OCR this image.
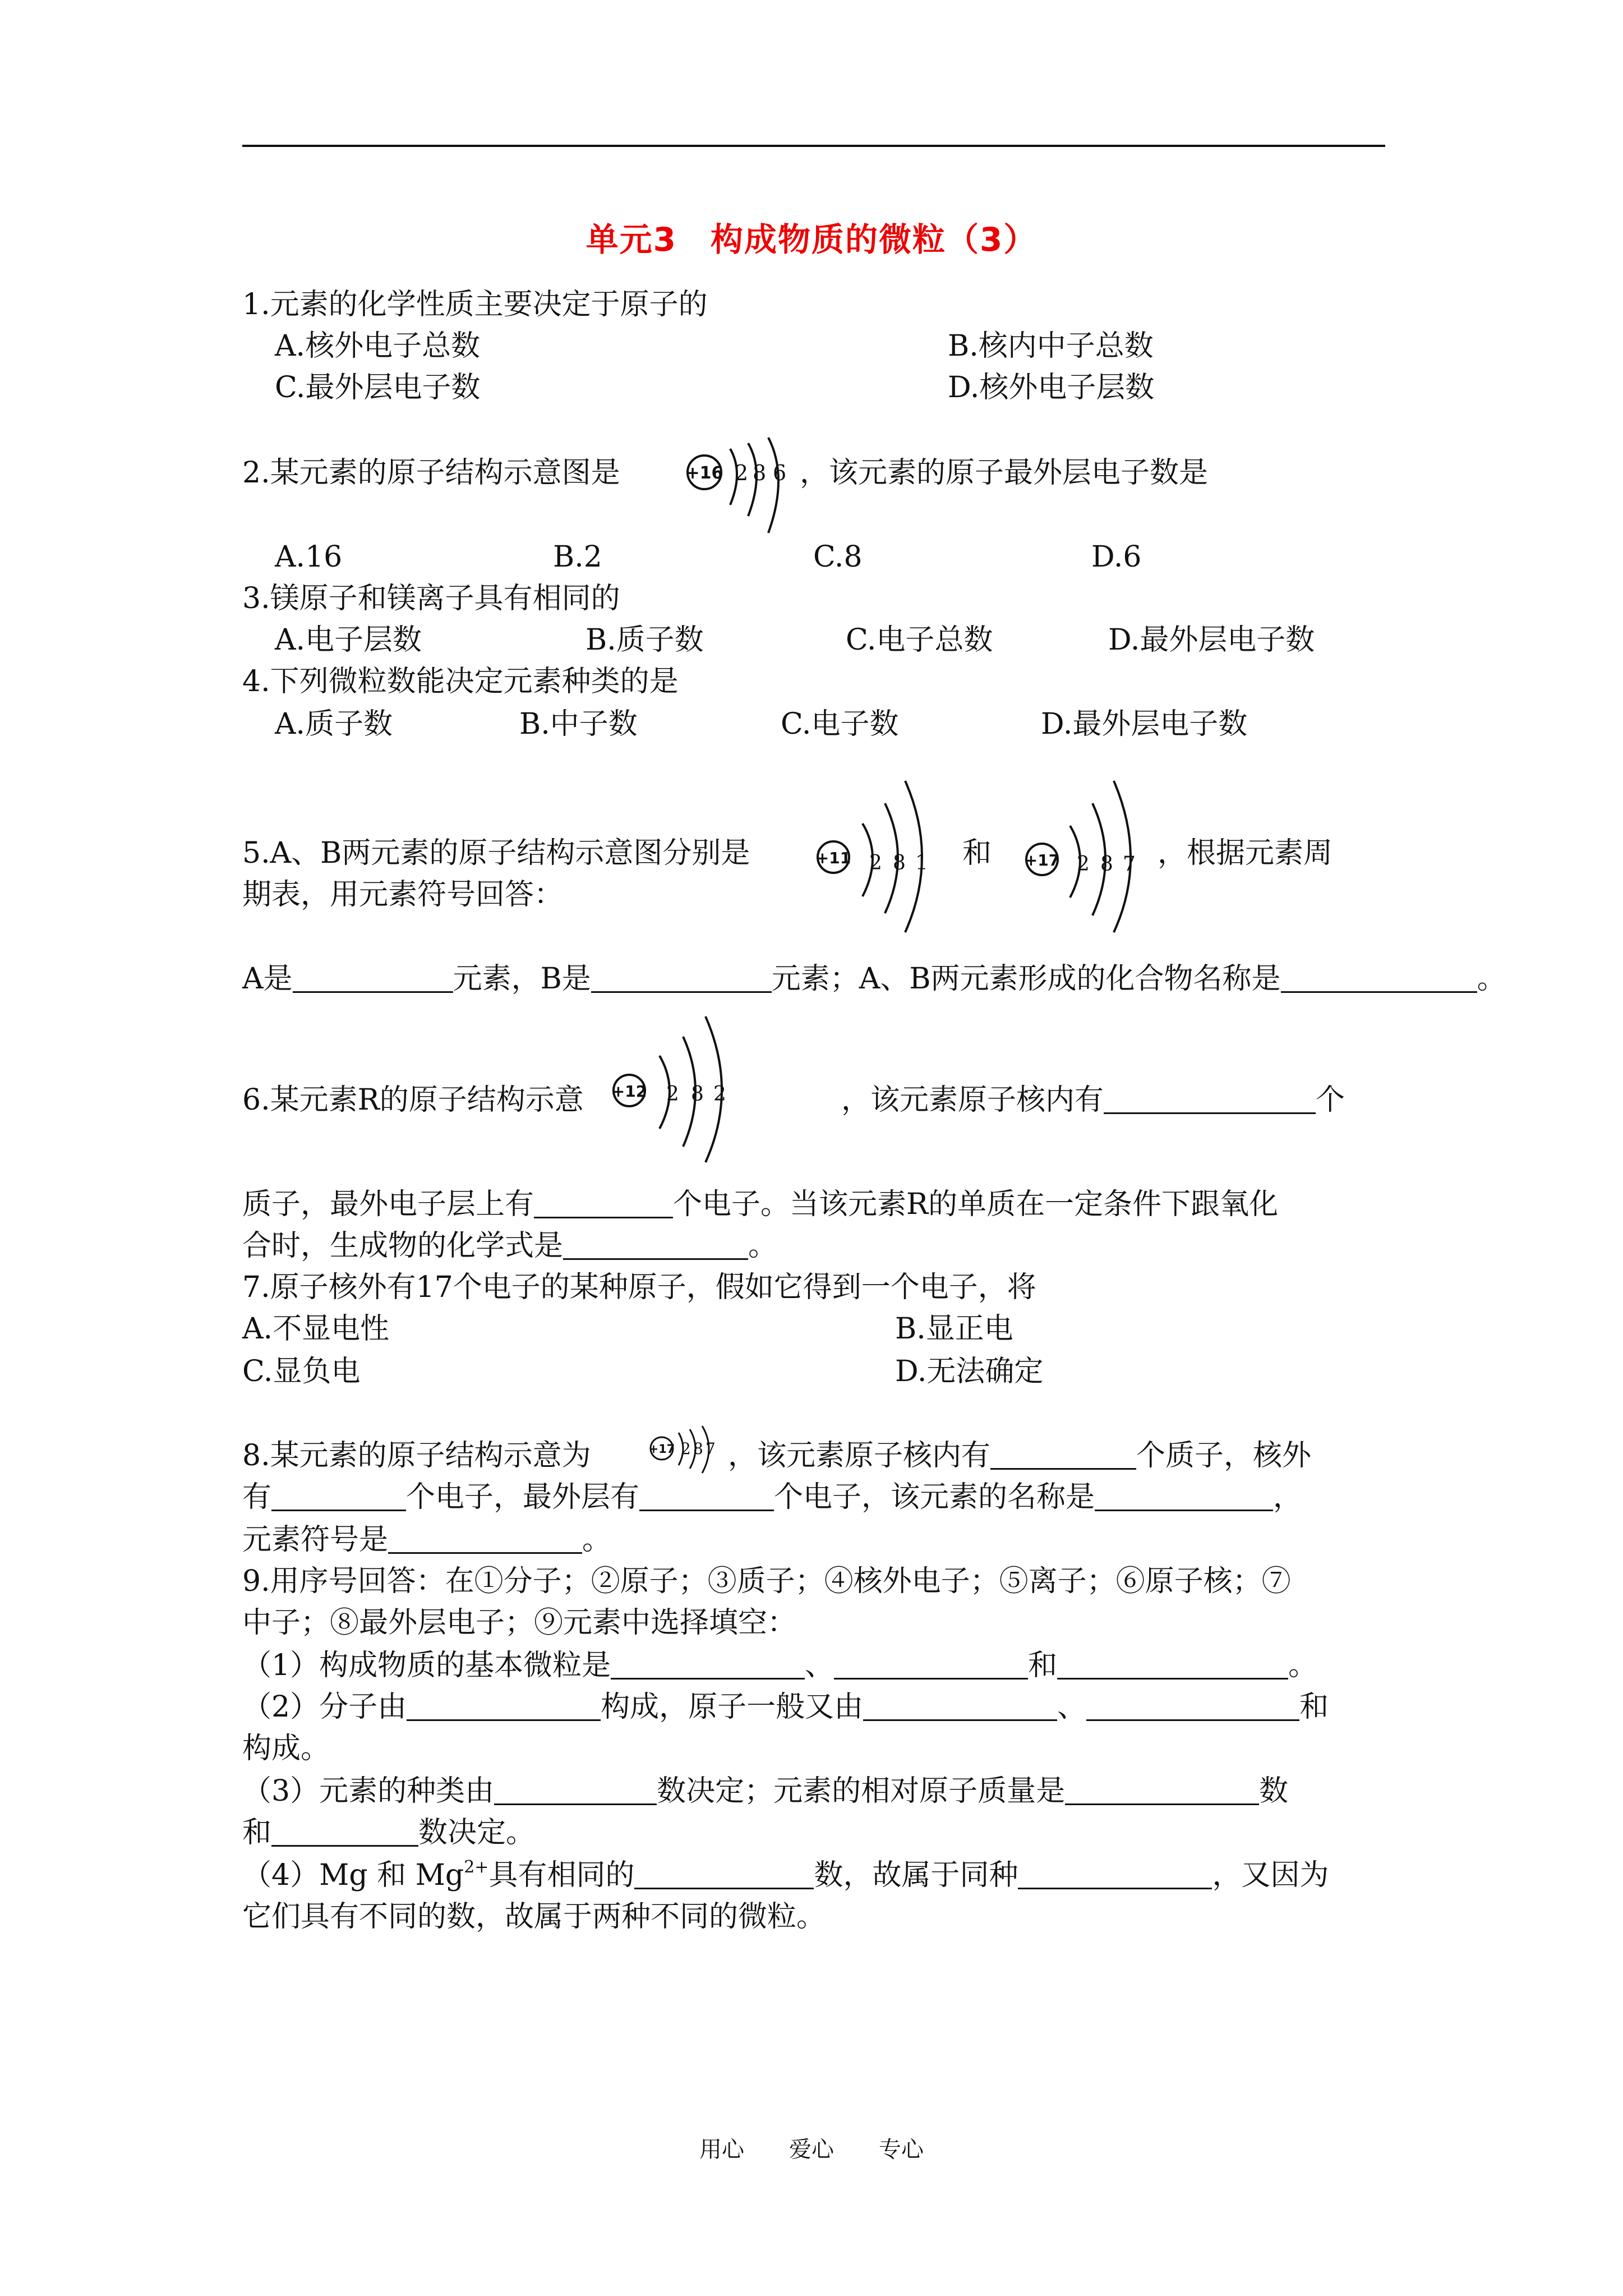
单元3　构成物质的微粒（3）
1.元素的化学性质主要决定于原子的
A.核外电子总数	B.核内中子总数
C.最外层电子数	D.核外电子层数
2.某元素的原子结构示意图是	+16 2 8 6 ，该元素的原子最外层电子数是
A.16	B.2	C.8	D.6
3.镁原子和镁离子具有相同的
A.电子层数	B.质子数	C.电子总数	D.最外层电子数
4.下列微粒数能决定元素种类的是
A.质子数	B.中子数	C.电子数	D.最外层电子数
5.A、B两元素的原子结构示意图分别是	+11 2 8 1 和 +17 2 8 7 ，根据元素周
期表，用元素符号回答：
A是	元素，B是	元素；A、B两元素形成的化合物名称是	。
6.某元素R的原子结构示意 +12 2 8 2	，该元素原子核内有	个
质子，最外电子层上有	个电子。当该元素R的单质在一定条件下跟氧化
合时，生成物的化学式是	。
7.原子核外有17个电子的某种原子，假如它得到一个电子，将
A.不显电性	B.显正电
C.显负电	D.无法确定
8.某元素的原子结构示意为	+17 2 8 7 ，该元素原子核内有	个质子，核外
有	个电子，最外层有	个电子，该元素的名称是	，
元素符号是	。
9.用序号回答：在①分子；②原子；③质子；④核外电子；⑤离子；⑥原子核；⑦
中子；⑧最外层电子；⑨元素中选择填空：
（1）构成物质的基本微粒是	、	和	。
（2）分子由	构成，原子一般又由	、	和
构成。
（3）元素的种类由	数决定；元素的相对原子质量是	数
和	数决定。
（4）Mg 和 $Mg^{2+}$具有相同的	数，故属于同种	，又因为
它们具有不同的数，故属于两种不同的微粒。
用心 爱心 专心
